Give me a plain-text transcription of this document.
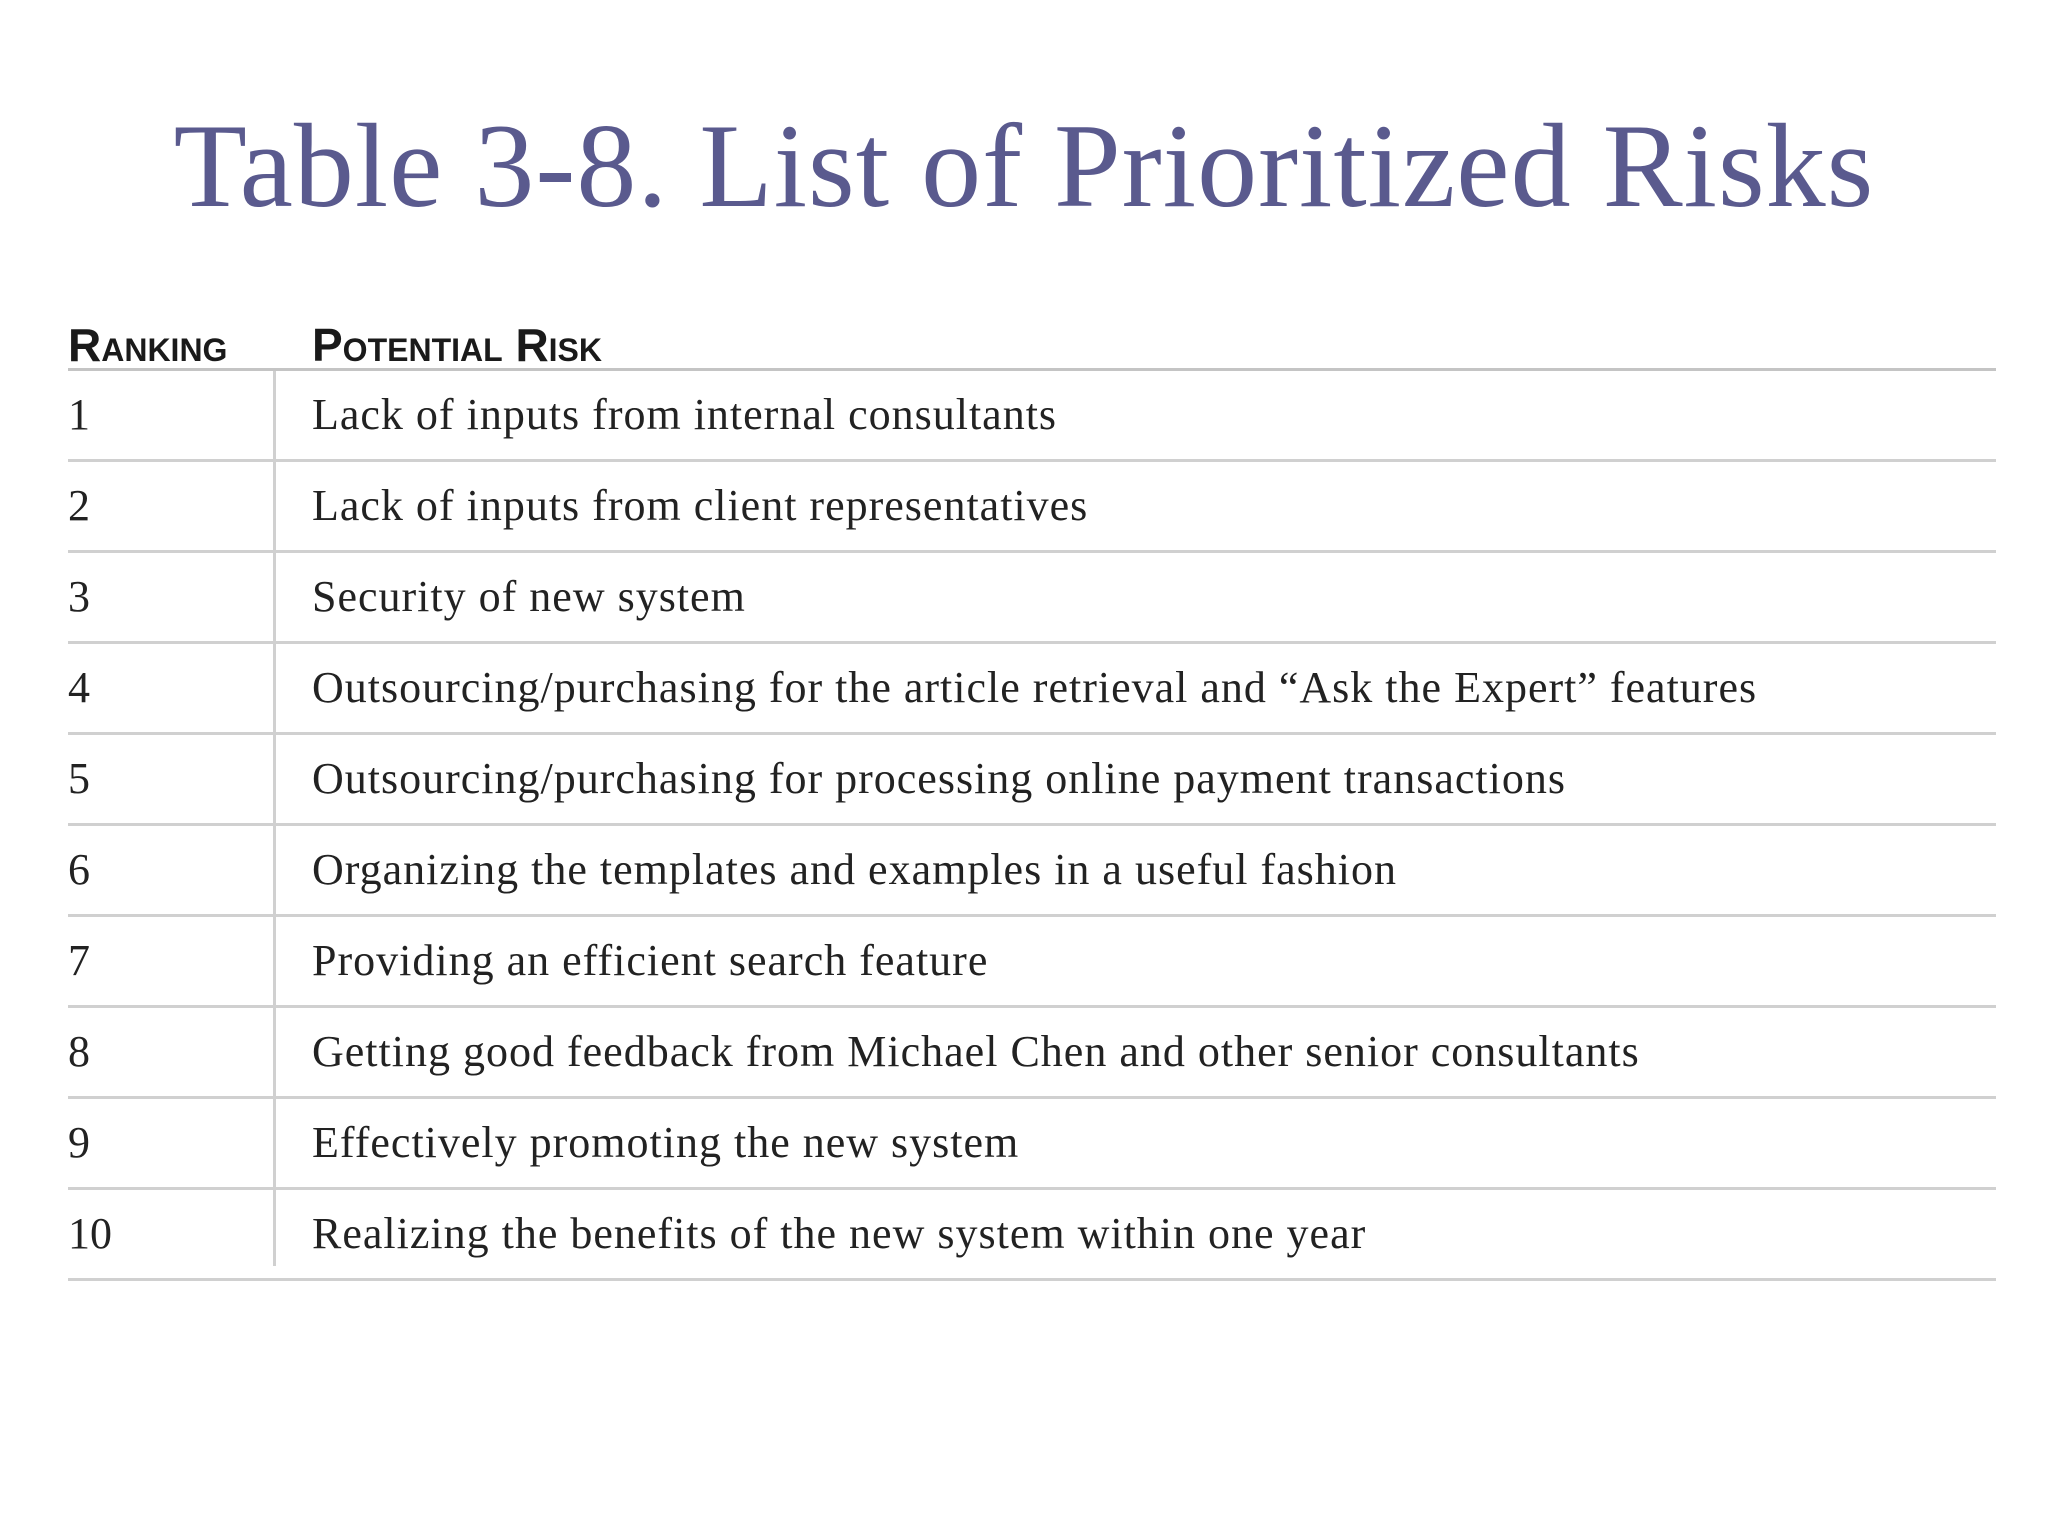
Table 3-8. List of Prioritized Risks
Ranking Potential Risk
1	Lack of inputs from internal consultants
2	Lack of inputs from client representatives
3	Security of new system
4	Outsourcing/purchasing for the article retrieval and “Ask the Expert” features
5	Outsourcing/purchasing for processing online payment transactions
6	Organizing the templates and examples in a useful fashion
7	Providing an efficient search feature
8	Getting good feedback from Michael Chen and other senior consultants
9	Effectively promoting the new system
10	Realizing the benefits of the new system within one year
